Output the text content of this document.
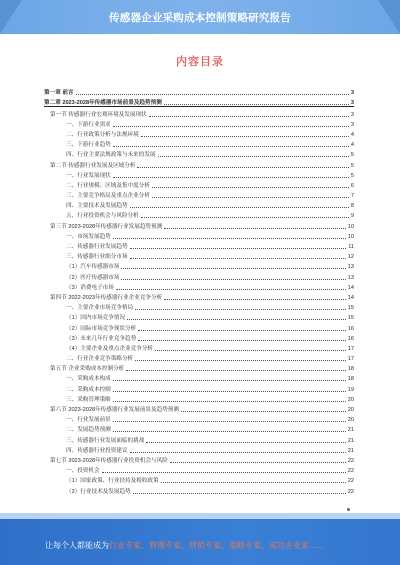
传感器企业采购成本控制策略研究报告
内容目录
第一章 前言	3
第二章 2023-2028年传感器市场前景及趋势预测	3
第一节 传感器行业宏观环境及发展现状	3
一、下游行业需求	3
二、行业政策分析与法规环境	4
三、下游行业趋势	4
四、行业主要法规政策与未来的发展	5
第二节 传感器行业发展及区域分析	5
一、行业发展现状	5
二、行业规模、区域及集中度分析	6
三、主要竞争格局及重点企业分析	7
四、主要技术及发展趋势	8
五、行业投资机会与风险分析	9
第三节 2023-2028年传感器行业发展趋势预测	10
一、市场发展趋势	10
二、传感器行业发展趋势	11
三、传感器行业细分市场	12
（1）汽车传感器市场	13
（2）医疗传感器市场	13
（3）消费电子市场	14
第四节 2022-2023年传感器行业企业竞争分析	14
一、主要企业市场竞争格局	15
（1）国内市场竞争情况	15
（2）国际市场竞争现状分析	16
（3）未来几年行业竞争趋势	16
（4）主要企业及重点企业竞争分析	17
二、行业企业竞争策略分析	17
第五节 企业采购成本控制分析	18
一、采购成本构成	18
二、采购成本控制	19
三、采购管理策略	20
第六节 2023-2028年传感器行业发展前景及趋势预测	20
一、行业发展前景	20
二、发展趋势预测	21
三、传感器行业发展面临的挑战	21
四、传感器行业投资建议	21
第七节 2023-2028年传感器行业投资机会与风险	22
一、投资机会	22
（1）国家政策、行业扶持及税收政策	22
（2）行业技术及发展趋势	22
让每个人都能成为行业专家、管理专家、营销专家、战略专家、成功企业家……
